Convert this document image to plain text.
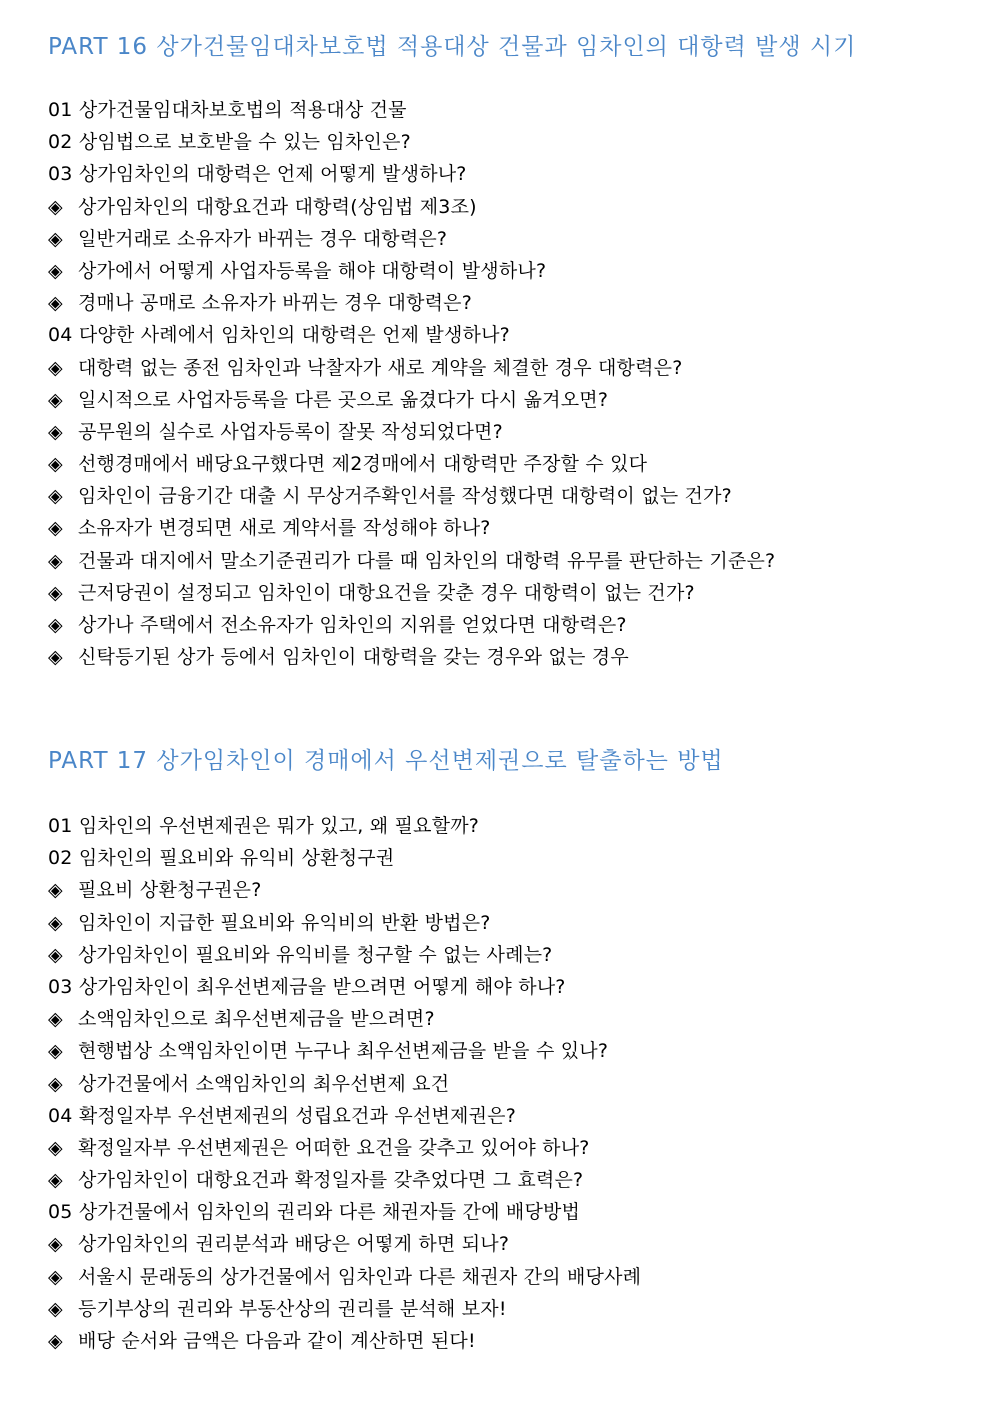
PART 16 상가건물임대차보호법 적용대상 건물과 임차인의 대항력 발생 시기
01 상가건물임대차보호법의 적용대상 건물
02 상임법으로 보호받을 수 있는 임차인은?
03 상가임차인의 대항력은 언제 어떻게 발생하나?
◈ 상가임차인의 대항요건과 대항력(상임법 제3조)
◈ 일반거래로 소유자가 바뀌는 경우 대항력은?
◈ 상가에서 어떻게 사업자등록을 해야 대항력이 발생하나?
◈ 경매나 공매로 소유자가 바뀌는 경우 대항력은?
04 다양한 사례에서 임차인의 대항력은 언제 발생하나?
◈ 대항력 없는 종전 임차인과 낙찰자가 새로 계약을 체결한 경우 대항력은?
◈ 일시적으로 사업자등록을 다른 곳으로 옮겼다가 다시 옮겨오면?
◈ 공무원의 실수로 사업자등록이 잘못 작성되었다면?
◈ 선행경매에서 배당요구했다면 제2경매에서 대항력만 주장할 수 있다
◈ 임차인이 금융기간 대출 시 무상거주확인서를 작성했다면 대항력이 없는 건가?
◈ 소유자가 변경되면 새로 계약서를 작성해야 하나?
◈ 건물과 대지에서 말소기준권리가 다를 때 임차인의 대항력 유무를 판단하는 기준은?
◈ 근저당권이 설정되고 임차인이 대항요건을 갖춘 경우 대항력이 없는 건가?
◈ 상가나 주택에서 전소유자가 임차인의 지위를 얻었다면 대항력은?
◈ 신탁등기된 상가 등에서 임차인이 대항력을 갖는 경우와 없는 경우
PART 17 상가임차인이 경매에서 우선변제권으로 탈출하는 방법
01 임차인의 우선변제권은 뭐가 있고, 왜 필요할까?
02 임차인의 필요비와 유익비 상환청구권
◈ 필요비 상환청구권은?
◈ 임차인이 지급한 필요비와 유익비의 반환 방법은?
◈ 상가임차인이 필요비와 유익비를 청구할 수 없는 사례는?
03 상가임차인이 최우선변제금을 받으려면 어떻게 해야 하나?
◈ 소액임차인으로 최우선변제금을 받으려면?
◈ 현행법상 소액임차인이면 누구나 최우선변제금을 받을 수 있나?
◈ 상가건물에서 소액임차인의 최우선변제 요건
04 확정일자부 우선변제권의 성립요건과 우선변제권은?
◈ 확정일자부 우선변제권은 어떠한 요건을 갖추고 있어야 하나?
◈ 상가임차인이 대항요건과 확정일자를 갖추었다면 그 효력은?
05 상가건물에서 임차인의 권리와 다른 채권자들 간에 배당방법
◈ 상가임차인의 권리분석과 배당은 어떻게 하면 되나?
◈ 서울시 문래동의 상가건물에서 임차인과 다른 채권자 간의 배당사례
◈ 등기부상의 권리와 부동산상의 권리를 분석해 보자!
◈ 배당 순서와 금액은 다음과 같이 계산하면 된다!
